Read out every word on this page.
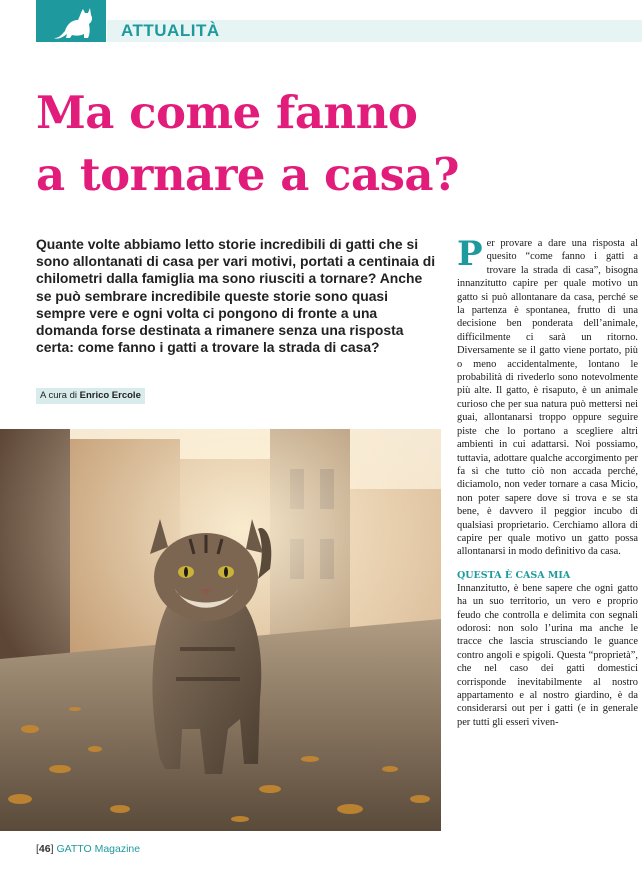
ATTUALITÀ
Ma come fanno
a tornare a casa?

Quante volte abbiamo letto storie incredibili di gatti che si sono allontanati di casa per vari motivi, portati a centinaia di chilometri dalla famiglia ma sono riusciti a tornare? Anche se può sembrare incredibile queste storie sono quasi sempre vere e ogni volta ci pongono di fronte a una domanda forse destinata a rimanere senza una risposta certa: come fanno i gatti a trovare la strada di casa?

A cura di Enrico Ercole
P er provare a dare una risposta al quesito “come fanno i gatti a trovare la strada di casa”, bisogna innanzitutto capire per quale motivo un gatto si può allontanare da casa, perché se la partenza è spontanea, frutto di una decisione ben ponderata dell’animale, difficilmente ci sarà un ritorno. Diversamente se il gatto viene portato, più o meno accidentalmente, lontano le probabilità di rivederlo sono notevolmente più alte. Il gatto, è risaputo, è un animale curioso che per sua natura può mettersi nei guai, allontanarsi troppo oppure seguire piste che lo portano a scegliere altri ambienti in cui adattarsi. Noi possiamo, tuttavia, adottare qualche accorgimento per fa sì che tutto ciò non accada perché, diciamolo, non veder tornare a casa Micio, non poter sapere dove si trova e se sta bene, è davvero il peggior incubo di qualsiasi proprietario. Cerchiamo allora di capire per quale motivo un gatto possa allontanarsi in modo definitivo da casa.

QUESTA È CASA MIA

Innanzitutto, è bene sapere che ogni gatto ha un suo territorio, un vero e proprio feudo che controlla e delimita con segnali odorosi: non solo l’urina ma anche le tracce che lascia strusciando le guance contro angoli e spigoli. Questa “proprietà”, che nel caso dei gatti domestici corrisponde inevitabilmente al nostro appartamento e al nostro giardino, è da considerarsi out per i gatti (e in generale per tutti gli esseri viven-

[46] GATTO Magazine
